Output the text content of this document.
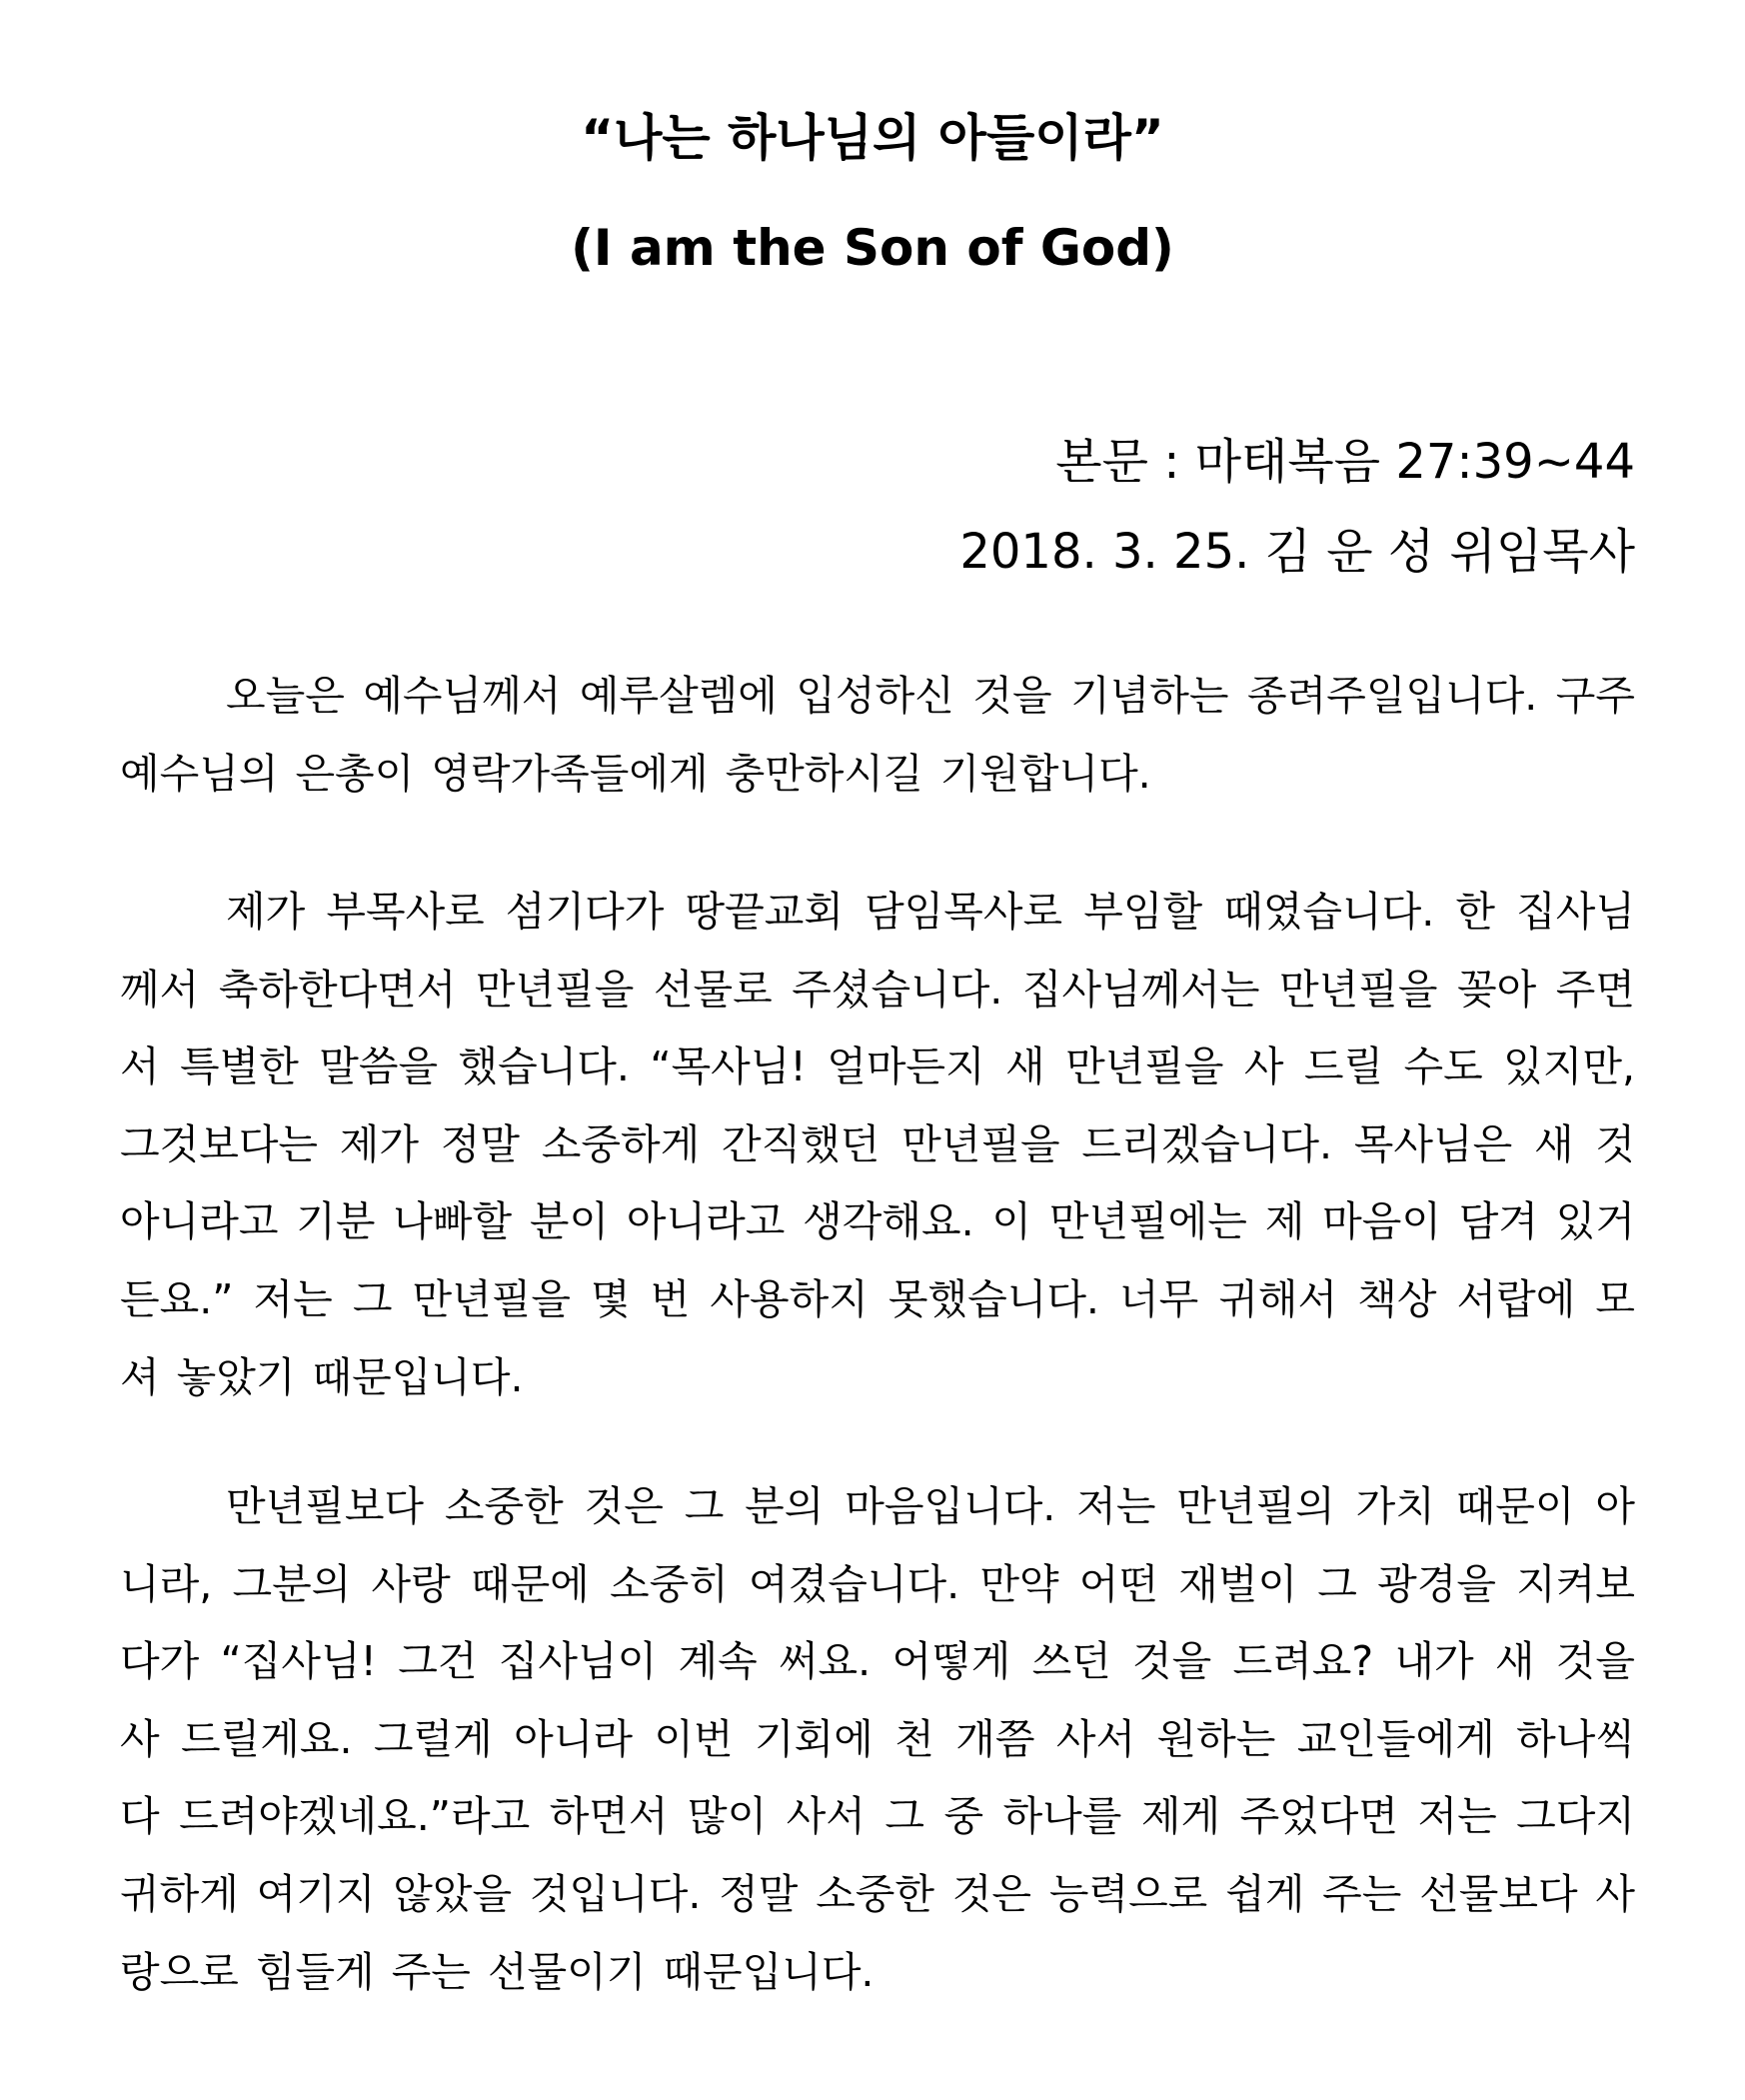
“나는 하나님의 아들이라”
(I am the Son of God)
본문 : 마태복음 27:39~44
2018. 3. 25. 김 운 성 위임목사

오늘은 예수님께서 예루살렘에 입성하신 것을 기념하는 종려주일입니다. 구주 예수님의 은총이 영락가족들에게 충만하시길 기원합니다.

제가 부목사로 섬기다가 땅끝교회 담임목사로 부임할 때였습니다. 한 집사님께서 축하한다면서 만년필을 선물로 주셨습니다. 집사님께서는 만년필을 꽂아 주면서 특별한 말씀을 했습니다. “목사님! 얼마든지 새 만년필을 사 드릴 수도 있지만, 그것보다는 제가 정말 소중하게 간직했던 만년필을 드리겠습니다. 목사님은 새 것 아니라고 기분 나빠할 분이 아니라고 생각해요. 이 만년필에는 제 마음이 담겨 있거든요.” 저는 그 만년필을 몇 번 사용하지 못했습니다. 너무 귀해서 책상 서랍에 모셔 놓았기 때문입니다.

만년필보다 소중한 것은 그 분의 마음입니다. 저는 만년필의 가치 때문이 아니라, 그분의 사랑 때문에 소중히 여겼습니다. 만약 어떤 재벌이 그 광경을 지켜보다가 “집사님! 그건 집사님이 계속 써요. 어떻게 쓰던 것을 드려요? 내가 새 것을 사 드릴게요. 그럴게 아니라 이번 기회에 천 개쯤 사서 원하는 교인들에게 하나씩 다 드려야겠네요.”라고 하면서 많이 사서 그 중 하나를 제게 주었다면 저는 그다지 귀하게 여기지 않았을 것입니다. 정말 소중한 것은 능력으로 쉽게 주는 선물보다 사랑으로 힘들게 주는 선물이기 때문입니다.
